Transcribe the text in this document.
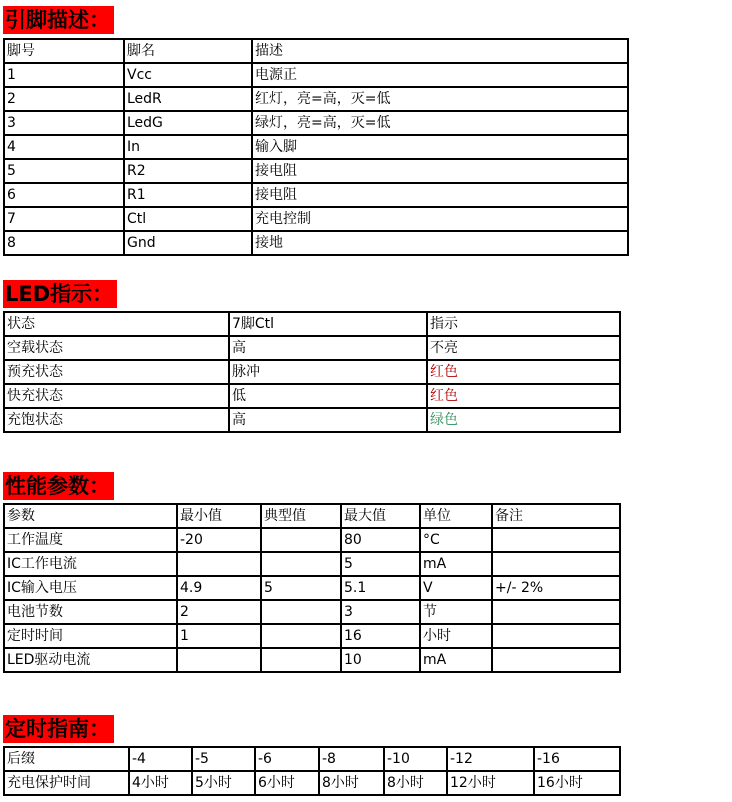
引脚描述：
脚号	脚名	描述
1	Vcc	电源正
2	LedR	红灯，亮=高，灭=低
3	LedG	绿灯，亮=高，灭=低
4	In	输入脚
5	R2	接电阻
6	R1	接电阻
7	Ctl	充电控制
8	Gnd	接地
LED指示：
状态	7脚Ctl	指示
空载状态	高	不亮
预充状态	脉冲	红色
快充状态	低	红色
充饱状态	高	绿色
性能参数：
参数	最小值	典型值	最大值	单位	备注
工作温度	-20		80	°C	
IC工作电流			5	mA	
IC输入电压	4.9	5	5.1	V	+/- 2%
电池节数	2		3	节	
定时时间	1		16	小时	
LED驱动电流			10	mA	
定时指南：
后缀	-4	-5	-6	-8	-10	-12	-16
充电保护时间	4小时	5小时	6小时	8小时	8小时	12小时	16小时
